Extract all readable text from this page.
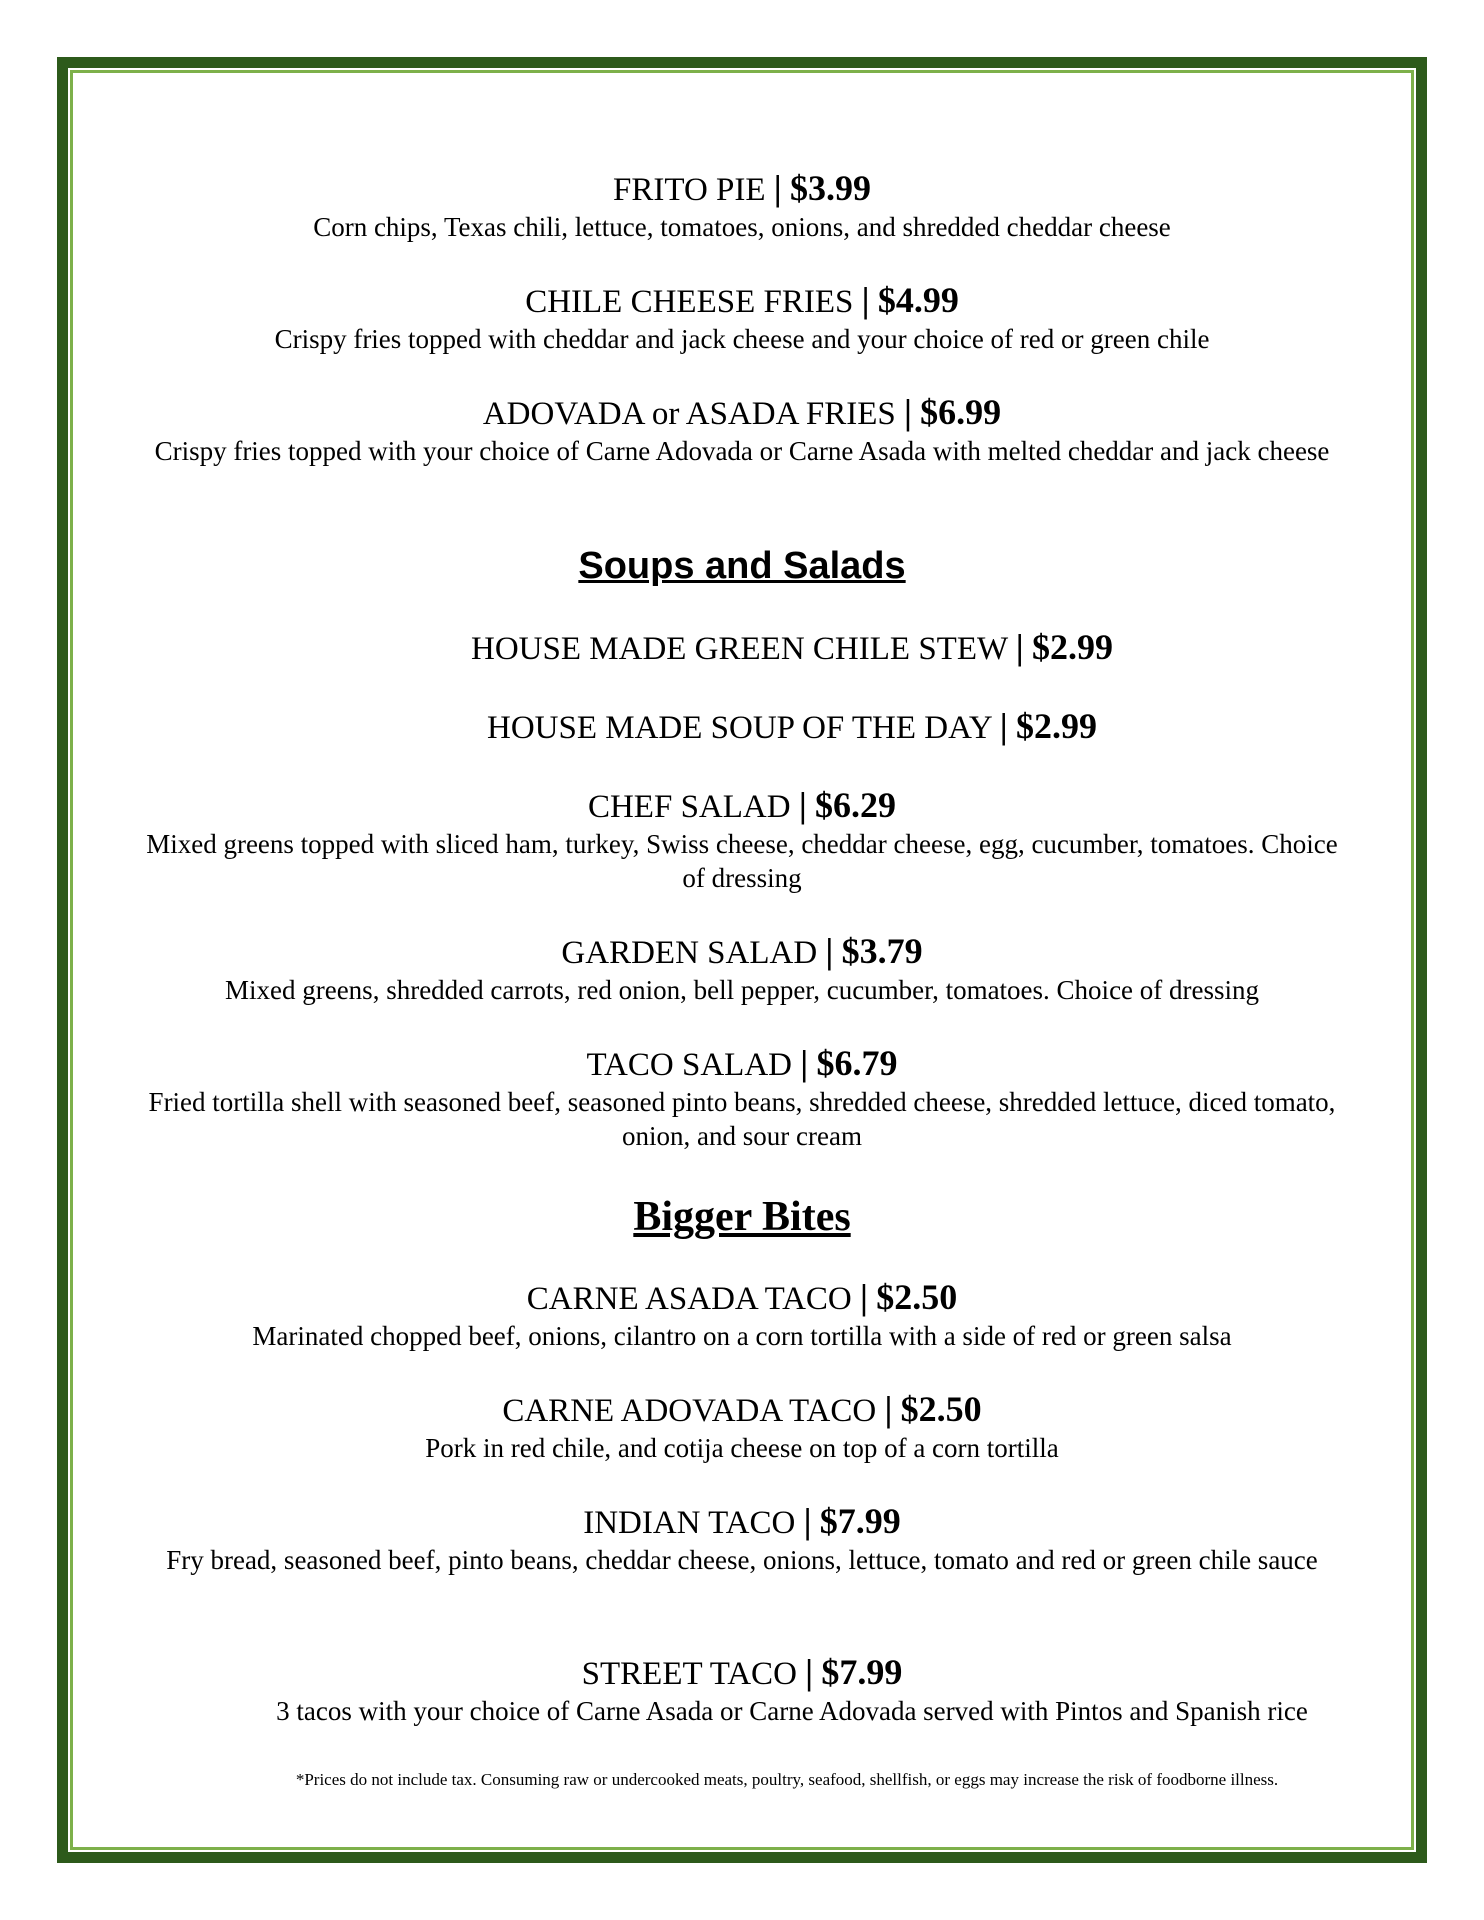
FRITO PIE | $3.99
Corn chips, Texas chili, lettuce, tomatoes, onions, and shredded cheddar cheese
CHILE CHEESE FRIES | $4.99
Crispy fries topped with cheddar and jack cheese and your choice of red or green chile
ADOVADA or ASADA FRIES | $6.99
Crispy fries topped with your choice of Carne Adovada or Carne Asada with melted cheddar and jack cheese
Soups and Salads
HOUSE MADE GREEN CHILE STEW | $2.99
HOUSE MADE SOUP OF THE DAY | $2.99
CHEF SALAD | $6.29
Mixed greens topped with sliced ham, turkey, Swiss cheese, cheddar cheese, egg, cucumber, tomatoes. Choice of dressing
GARDEN SALAD | $3.79
Mixed greens, shredded carrots, red onion, bell pepper, cucumber, tomatoes. Choice of dressing
TACO SALAD | $6.79
Fried tortilla shell with seasoned beef, seasoned pinto beans, shredded cheese, shredded lettuce, diced tomato, onion, and sour cream
Bigger Bites
CARNE ASADA TACO | $2.50
Marinated chopped beef, onions, cilantro on a corn tortilla with a side of red or green salsa
CARNE ADOVADA TACO | $2.50
Pork in red chile, and cotija cheese on top of a corn tortilla
INDIAN TACO | $7.99
Fry bread, seasoned beef, pinto beans, cheddar cheese, onions, lettuce, tomato and red or green chile sauce
STREET TACO | $7.99
3 tacos with your choice of Carne Asada or Carne Adovada served with Pintos and Spanish rice
*Prices do not include tax. Consuming raw or undercooked meats, poultry, seafood, shellfish, or eggs may increase the risk of foodborne illness.
